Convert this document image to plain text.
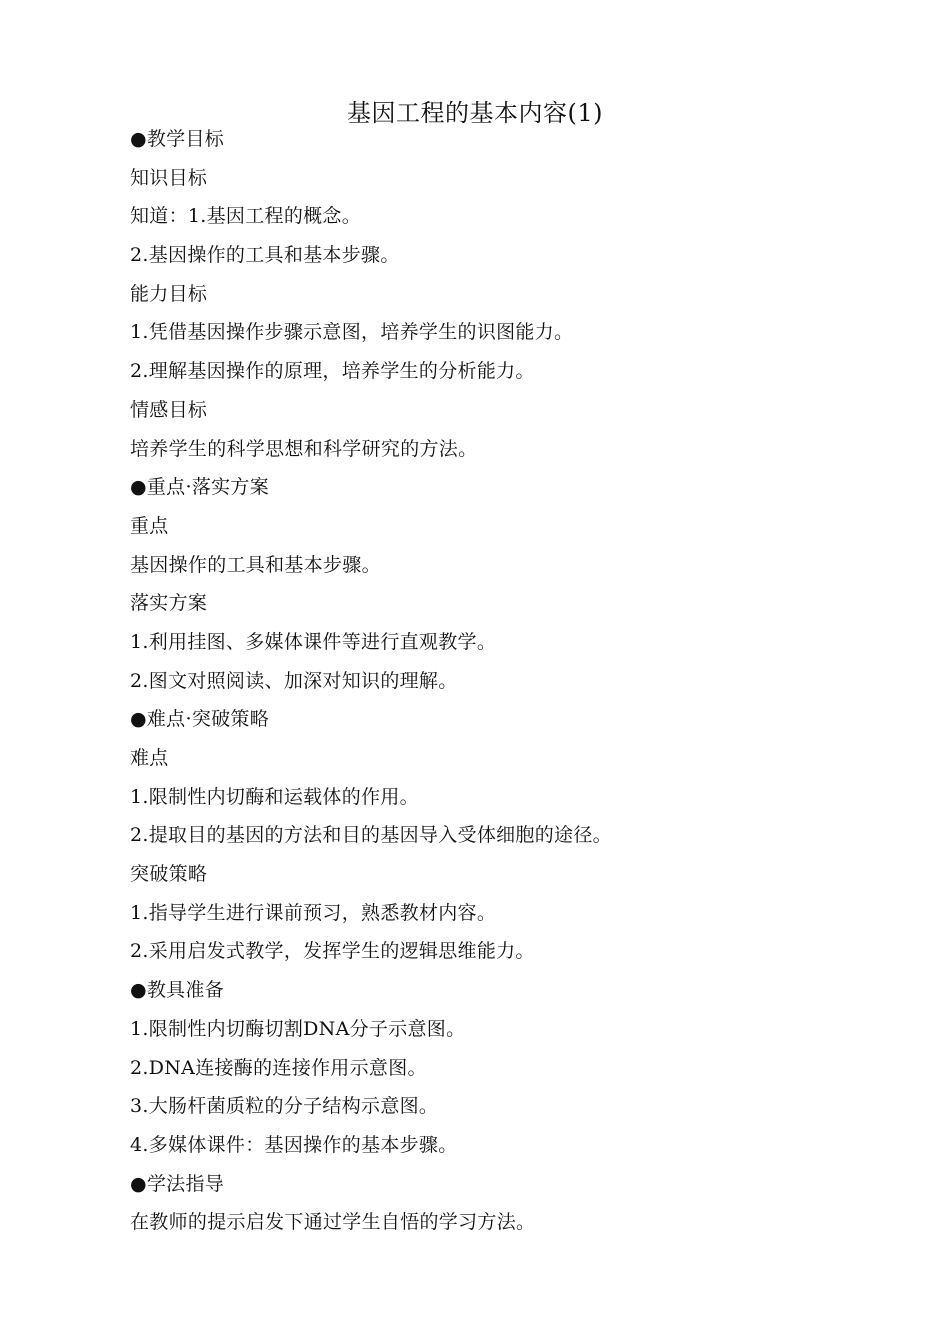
基因工程的基本内容(1)
●教学目标
知识目标
知道：1.基因工程的概念。
2.基因操作的工具和基本步骤。
能力目标
1.凭借基因操作步骤示意图，培养学生的识图能力。
2.理解基因操作的原理，培养学生的分析能力。
情感目标
培养学生的科学思想和科学研究的方法。
●重点·落实方案
重点
基因操作的工具和基本步骤。
落实方案
1.利用挂图、多媒体课件等进行直观教学。
2.图文对照阅读、加深对知识的理解。
●难点·突破策略
难点
1.限制性内切酶和运载体的作用。
2.提取目的基因的方法和目的基因导入受体细胞的途径。
突破策略
1.指导学生进行课前预习，熟悉教材内容。
2.采用启发式教学，发挥学生的逻辑思维能力。
●教具准备
1.限制性内切酶切割DNA分子示意图。
2.DNA连接酶的连接作用示意图。
3.大肠杆菌质粒的分子结构示意图。
4.多媒体课件：基因操作的基本步骤。
●学法指导
在教师的提示启发下通过学生自悟的学习方法。
